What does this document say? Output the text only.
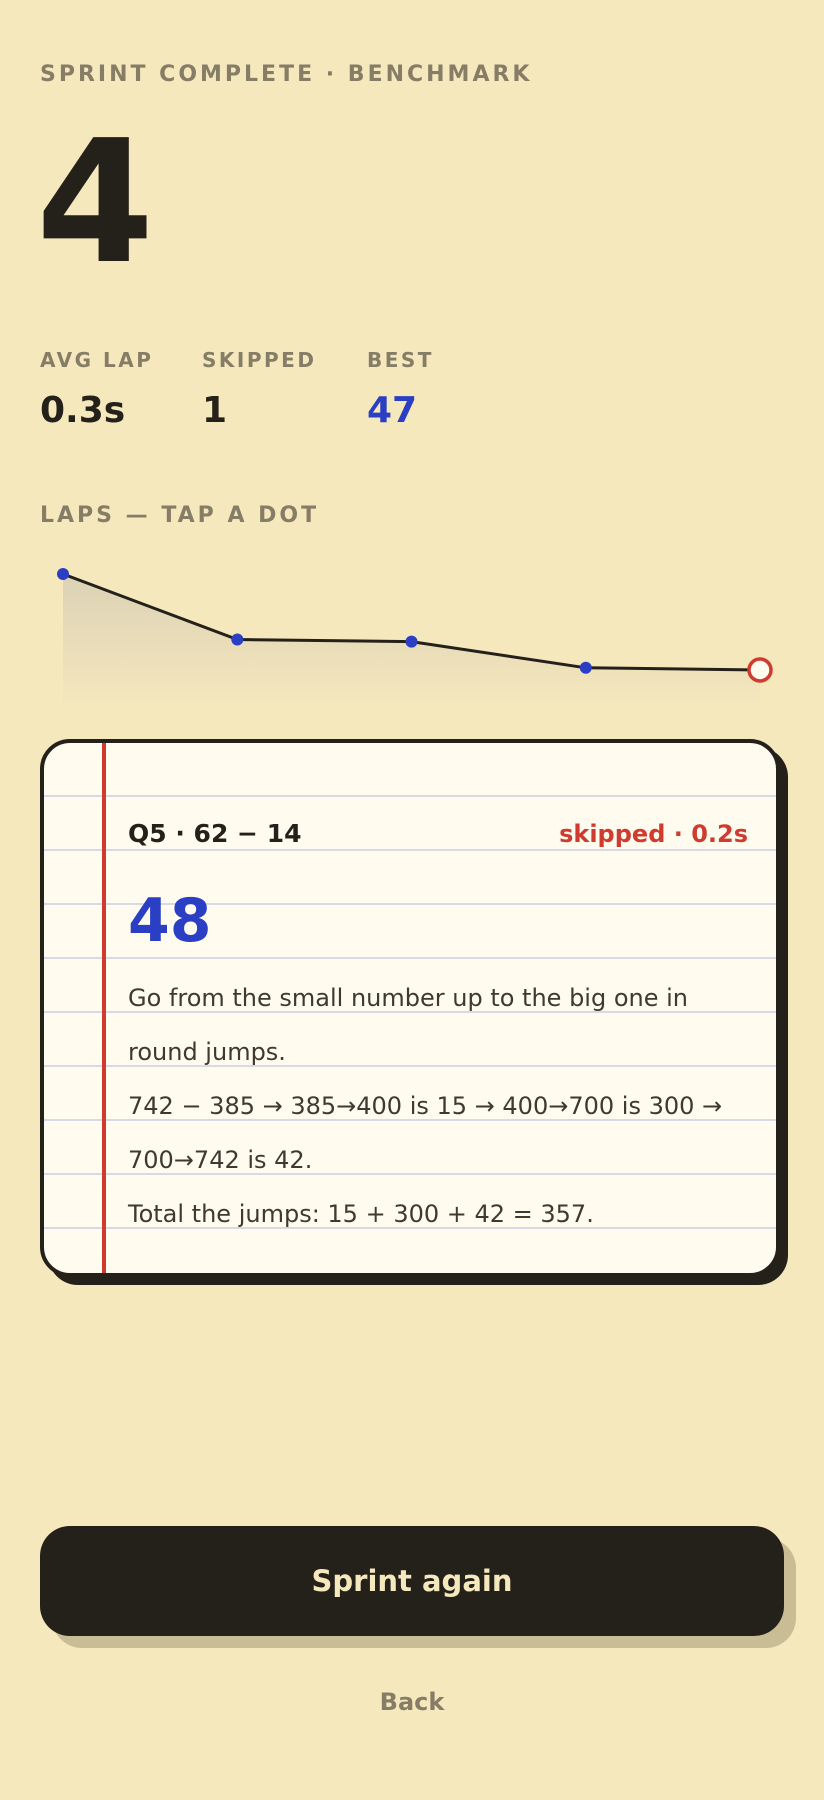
SPRINT COMPLETE · BENCHMARK
4
AVG LAP
0.3s
SKIPPED
1
BEST
47
LAPS — TAP A DOT
Q5 · 62 − 14	skipped · 0.2s
48
Go from the small number up to the big one in round jumps.
742 − 385 → 385→400 is 15 → 400→700 is 300 → 700→742 is 42.
Total the jumps: 15 + 300 + 42 = 357.
Sprint again
Back
